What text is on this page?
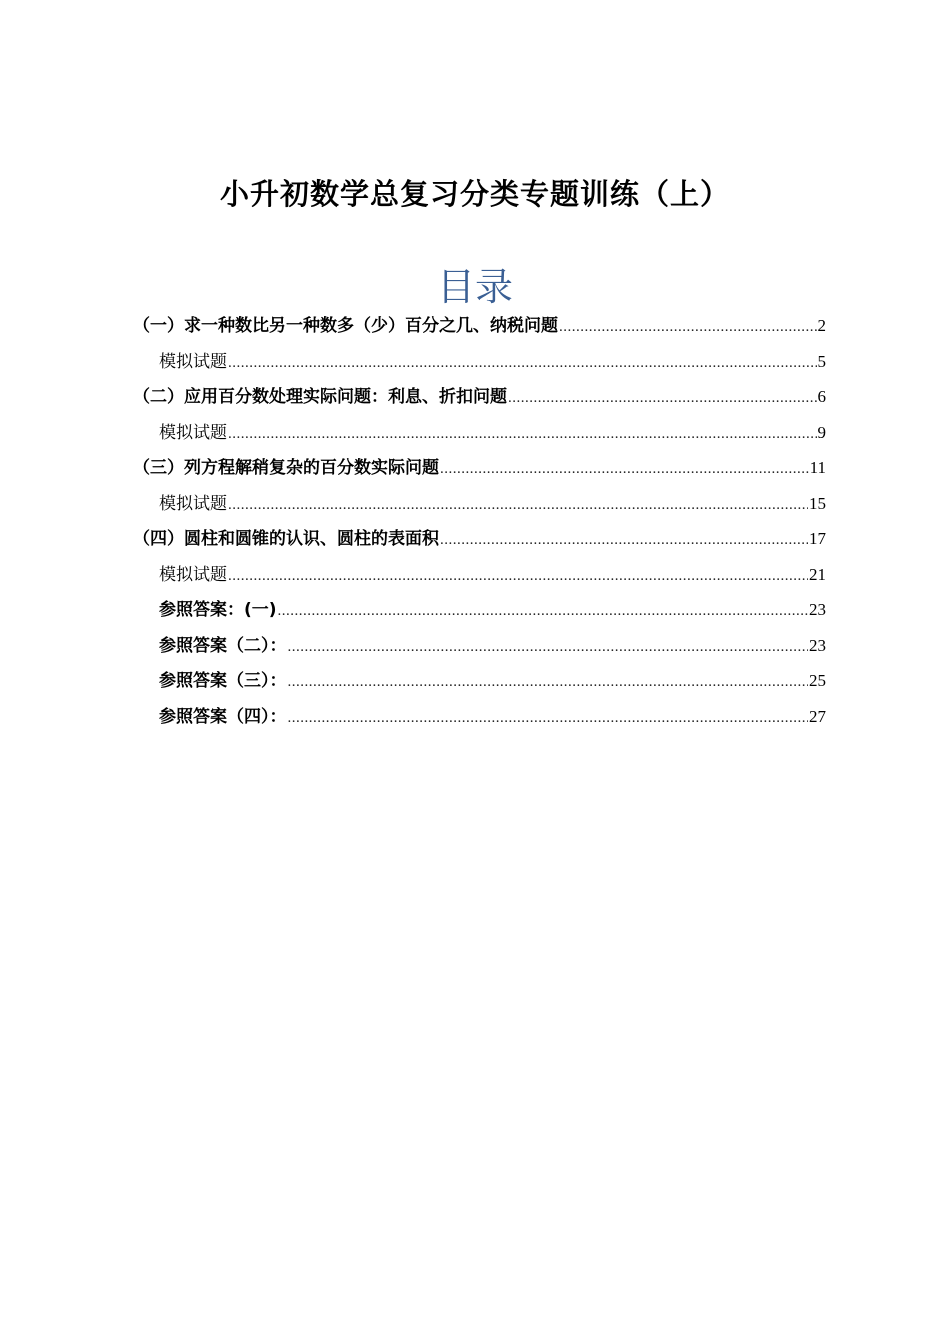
小升初数学总复习分类专题训练（上）
目录
（一）求一种数比另一种数多（少）百分之几、纳税问题 .....	2
模拟试题 .....	5
（二）应用百分数处理实际问题：利息、折扣问题 .....	6
模拟试题 .....	9
（三）列方程解稍复杂的百分数实际问题 .....	11
模拟试题 .....	15
（四）圆柱和圆锥的认识、圆柱的表面积 .....	17
模拟试题 .....	21
参照答案：(一) .....	23
参照答案（二）： .....	23
参照答案（三）： .....	25
参照答案（四）： .....	27
